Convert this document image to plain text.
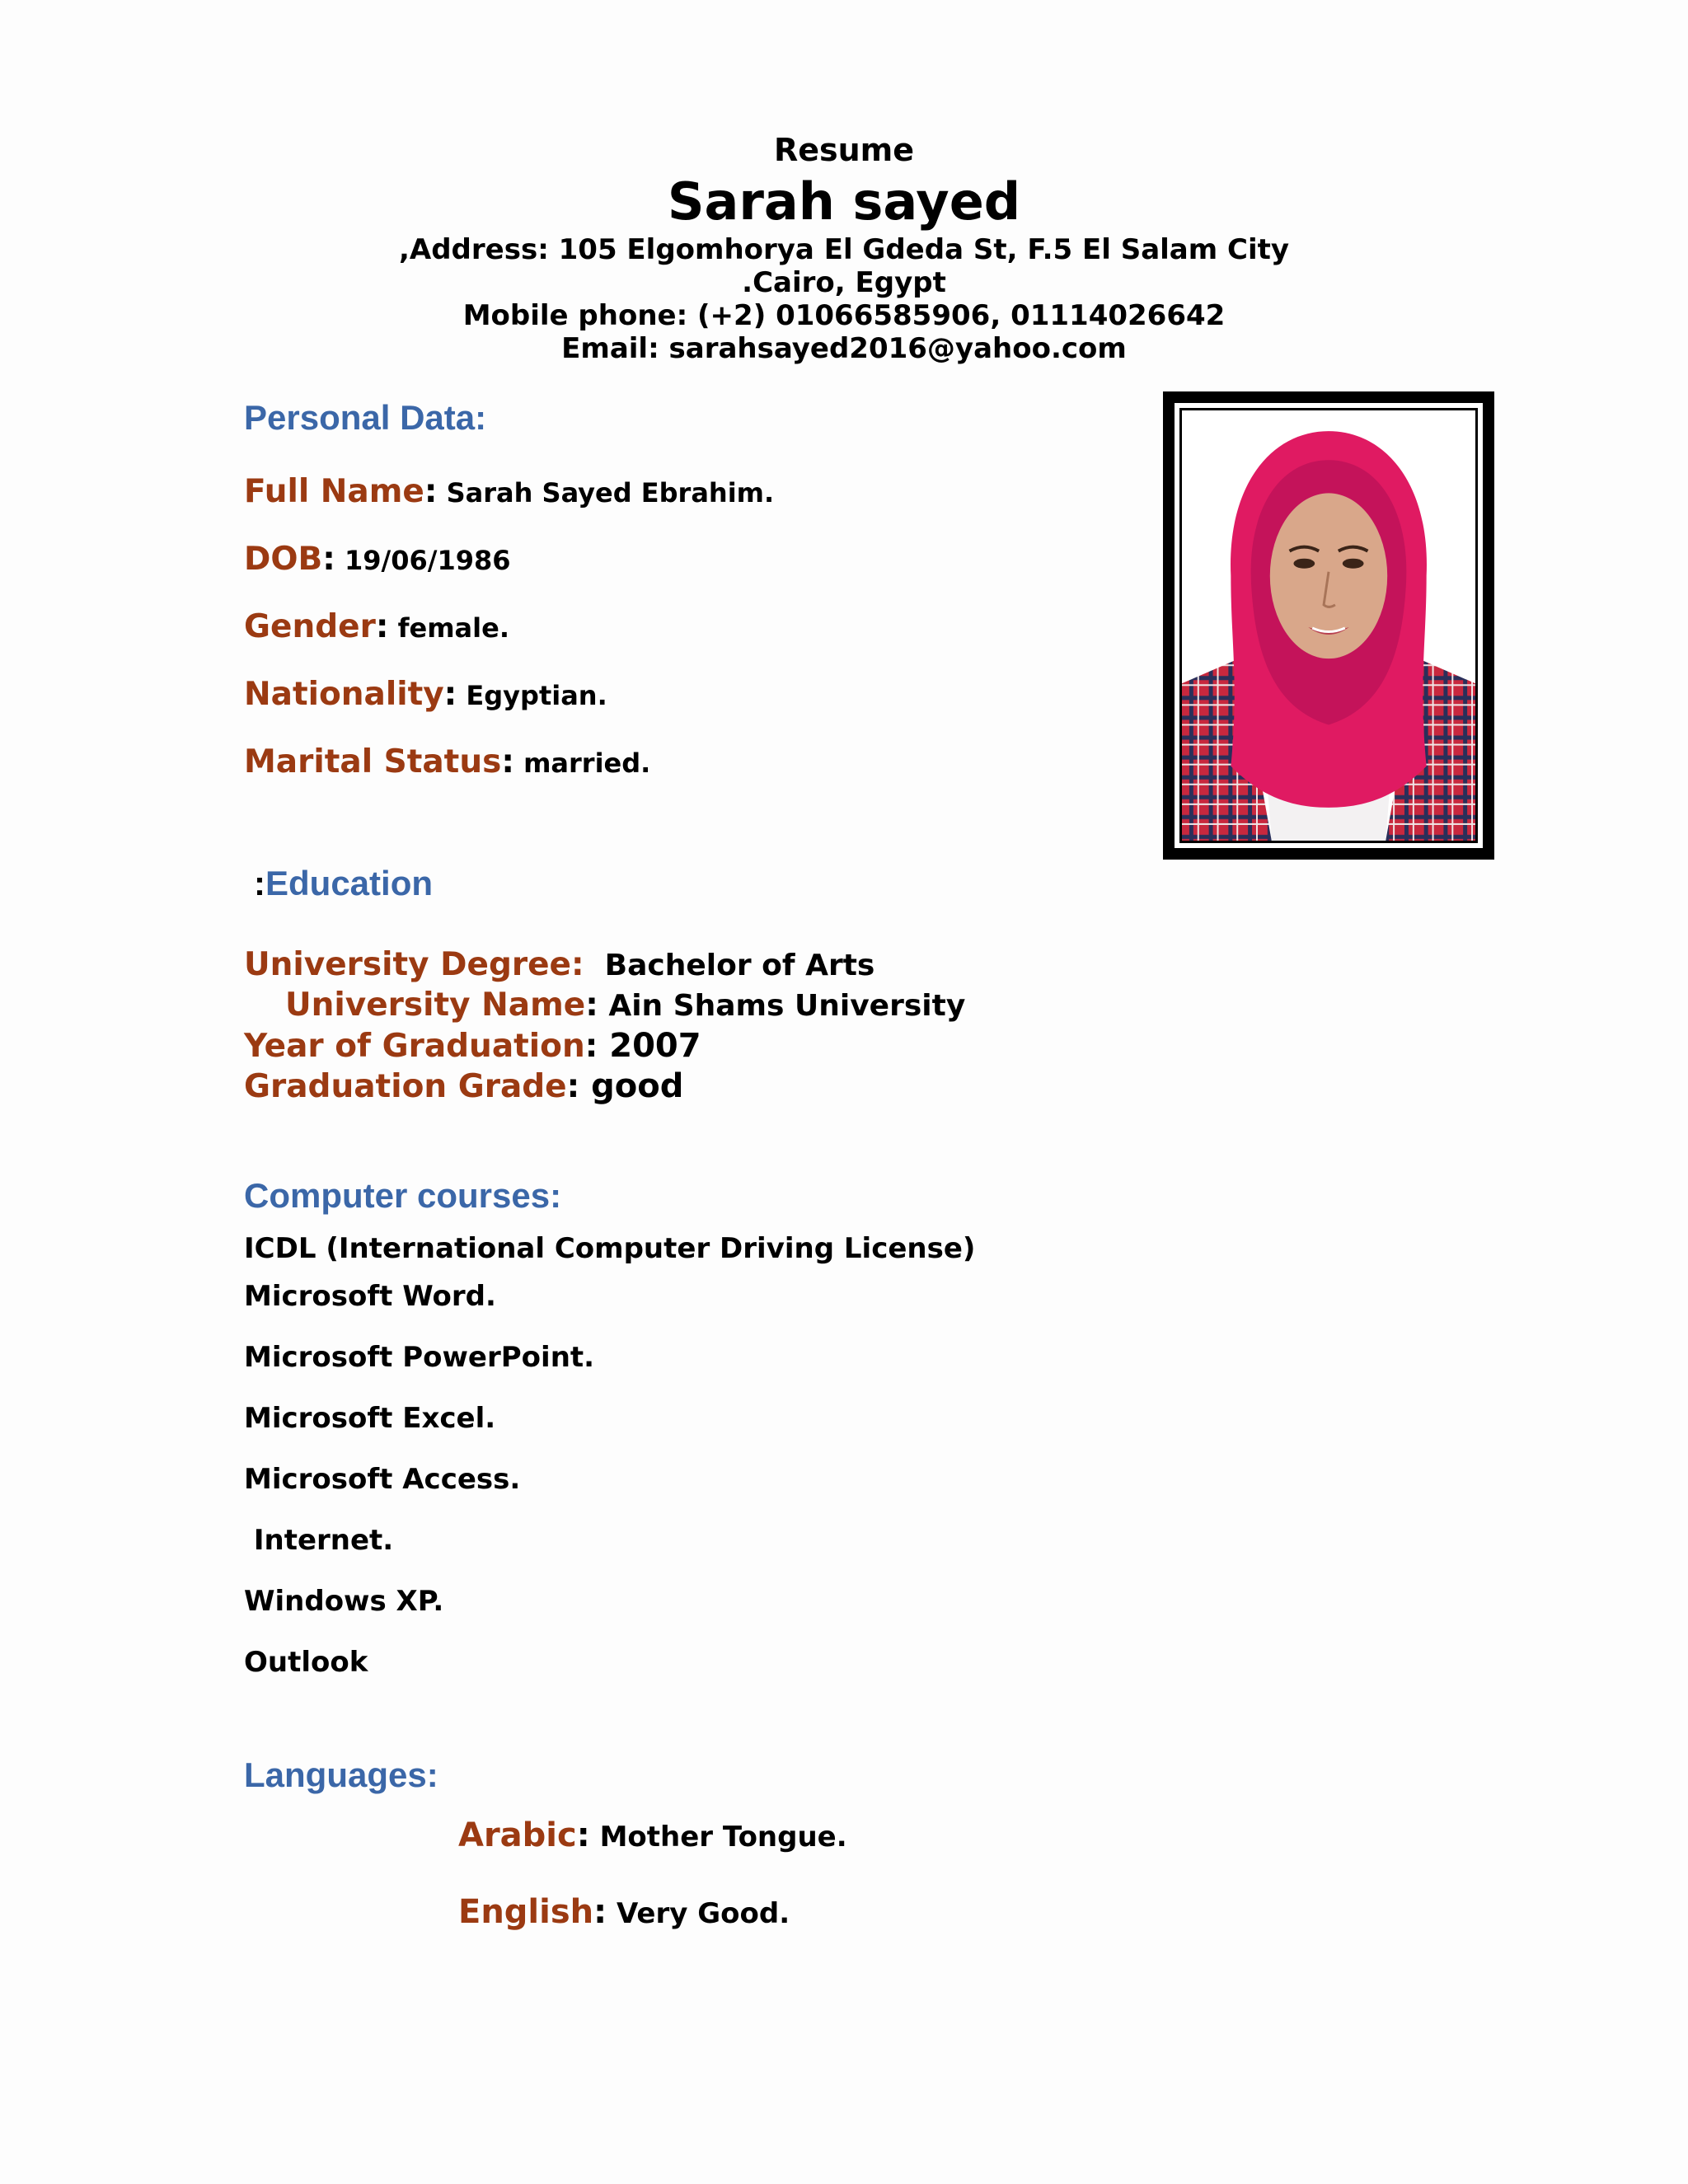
Resume
Sarah sayed
‏,Address: 105 Elgomhorya El Gdeda St, F.5 El Salam City
.Cairo, Egypt
Mobile phone: (+2) 01066585906, 01114026642
Email: sarahsayed2016@yahoo.com
Personal Data:
Full Name: Sarah Sayed Ebrahim.
DOB: 19/06/1986
Gender: female.
Nationality: Egyptian.
Marital Status: married.
:Education
University Degree:  Bachelor of Arts
University Name: Ain Shams University
Year of Graduation: 2007
Graduation Grade: good
Computer courses:
ICDL (International Computer Driving License)
Microsoft Word.
Microsoft PowerPoint.
Microsoft Excel.
Microsoft Access.
Internet.
Windows XP.
Outlook
Languages:
Arabic: Mother Tongue.
English: Very Good.
